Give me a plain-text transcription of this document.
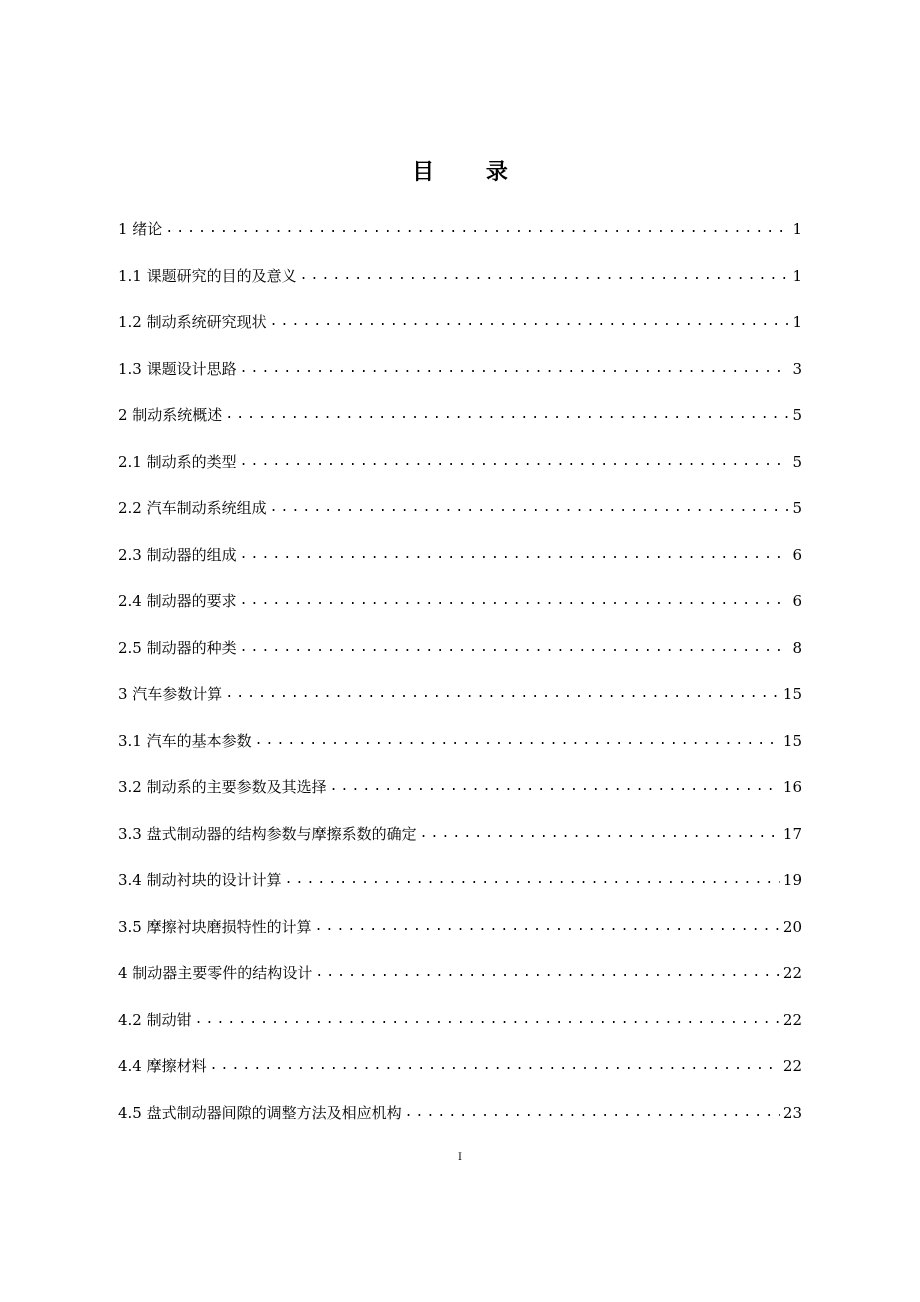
目 录
1 绪论 .....	1
1.1 课题研究的目的及意义 .....	1
1.2 制动系统研究现状 .....	1
1.3 课题设计思路 .....	3
2 制动系统概述 .....	5
2.1 制动系的类型 .....	5
2.2 汽车制动系统组成 .....	5
2.3 制动器的组成 .....	6
2.4 制动器的要求 .....	6
2.5 制动器的种类 .....	8
3 汽车参数计算 .....	15
3.1 汽车的基本参数 .....	15
3.2 制动系的主要参数及其选择 .....	16
3.3 盘式制动器的结构参数与摩擦系数的确定 .....	17
3.4 制动衬块的设计计算 .....	19
3.5 摩擦衬块磨损特性的计算 .....	20
4 制动器主要零件的结构设计 .....	22
4.2 制动钳 .....	22
4.4 摩擦材料 .....	22
4.5 盘式制动器间隙的调整方法及相应机构 .....	23
I
